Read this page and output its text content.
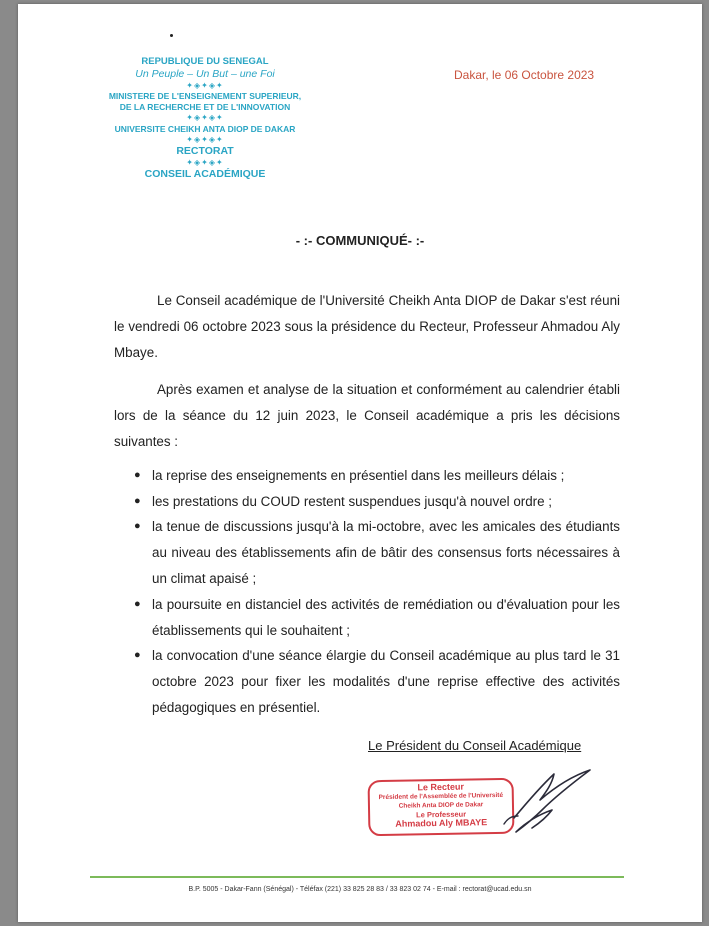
REPUBLIQUE DU SENEGAL
Un Peuple – Un But – une Foi
✦◈✦◈✦
MINISTERE DE L'ENSEIGNEMENT SUPERIEUR,
DE LA RECHERCHE ET DE L'INNOVATION
✦◈✦◈✦
UNIVERSITE CHEIKH ANTA DIOP DE DAKAR
✦◈✦◈✦
RECTORAT
✦◈✦◈✦
CONSEIL ACADÉMIQUE
Dakar, le 06 Octobre 2023
- :- COMMUNIQUÉ- :-

Le Conseil académique de l'Université Cheikh Anta DIOP de Dakar s'est réuni le vendredi 06 octobre 2023 sous la présidence du Recteur, Professeur Ahmadou Aly Mbaye.

Après examen et analyse de la situation et conformément au calendrier établi lors de la séance du 12 juin 2023, le Conseil académique a pris les décisions suivantes :

● la reprise des enseignements en présentiel dans les meilleurs délais ;
● les prestations du COUD restent suspendues jusqu'à nouvel ordre ;
● la tenue de discussions jusqu'à la mi-octobre, avec les amicales des étudiants au niveau des établissements afin de bâtir des consensus forts nécessaires à un climat apaisé ;
● la poursuite en distanciel des activités de remédiation ou d'évaluation pour les établissements qui le souhaitent ;
● la convocation d'une séance élargie du Conseil académique au plus tard le 31 octobre 2023 pour fixer les modalités d'une reprise effective des activités pédagogiques en présentiel.
Le Président du Conseil Académique
Le Recteur
Président de l'Assemblée de l'Université
Cheikh Anta DIOP de Dakar
Le Professeur
Ahmadou Aly MBAYE
B.P. 5005 - Dakar-Fann (Sénégal) - Téléfax (221) 33 825 28 83 / 33 823 02 74 - E-mail : rectorat@ucad.edu.sn
